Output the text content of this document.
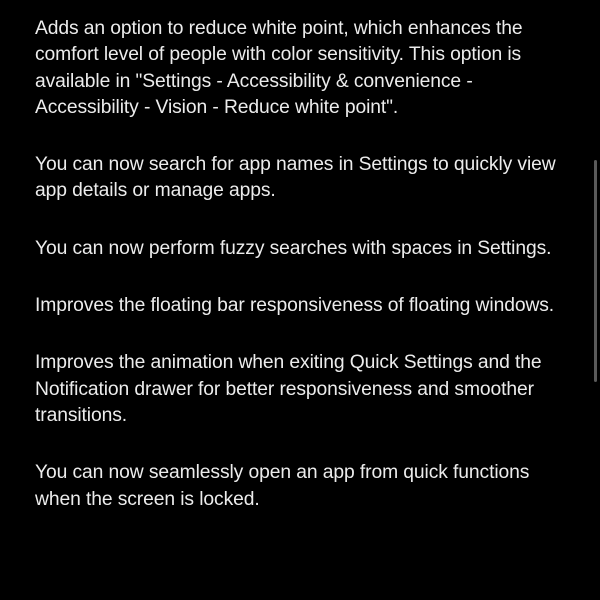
Adds an option to reduce white point, which enhances the comfort level of people with color sensitivity. This option is available in "Settings - Accessibility & convenience - Accessibility - Vision - Reduce white point".
You can now search for app names in Settings to quickly view app details or manage apps.
You can now perform fuzzy searches with spaces in Settings.
Improves the floating bar responsiveness of floating windows.
Improves the animation when exiting Quick Settings and the Notification drawer for better responsiveness and smoother transitions.
You can now seamlessly open an app from quick functions when the screen is locked.
